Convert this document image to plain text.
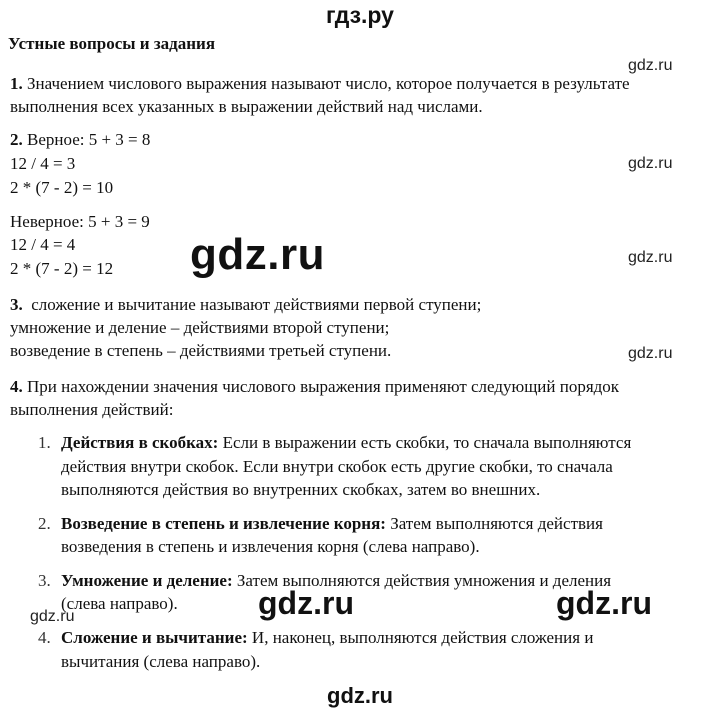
гдз.ру
Устные вопросы и задания
1. Значением числового выражения называют число, которое получается в результате
выполнения всех указанных в выражении действий над числами.
2. Верное: 5 + 3 = 8
12 / 4 = 3
2 * (7 - 2) = 10
Неверное: 5 + 3 = 9
12 / 4 = 4
2 * (7 - 2) = 12
3. сложение и вычитание называют действиями первой ступени;
умножение и деление – действиями второй ступени;
возведение в степень – действиями третьей ступени.
4. При нахождении значения числового выражения применяют следующий порядок
выполнения действий:
1. Действия в скобках: Если в выражении есть скобки, то сначала выполняются
действия внутри скобок. Если внутри скобок есть другие скобки, то сначала
выполняются действия во внутренних скобках, затем во внешних.
2. Возведение в степень и извлечение корня: Затем выполняются действия
возведения в степень и извлечения корня (слева направо).
3. Умножение и деление: Затем выполняются действия умножения и деления
(слева направо).
4. Сложение и вычитание: И, наконец, выполняются действия сложения и
вычитания (слева направо).
gdz.ru
gdz.ru
gdz.ru
gdz.ru
gdz.ru
gdz.ru
gdz.ru	gdz.ru
gdz.ru
